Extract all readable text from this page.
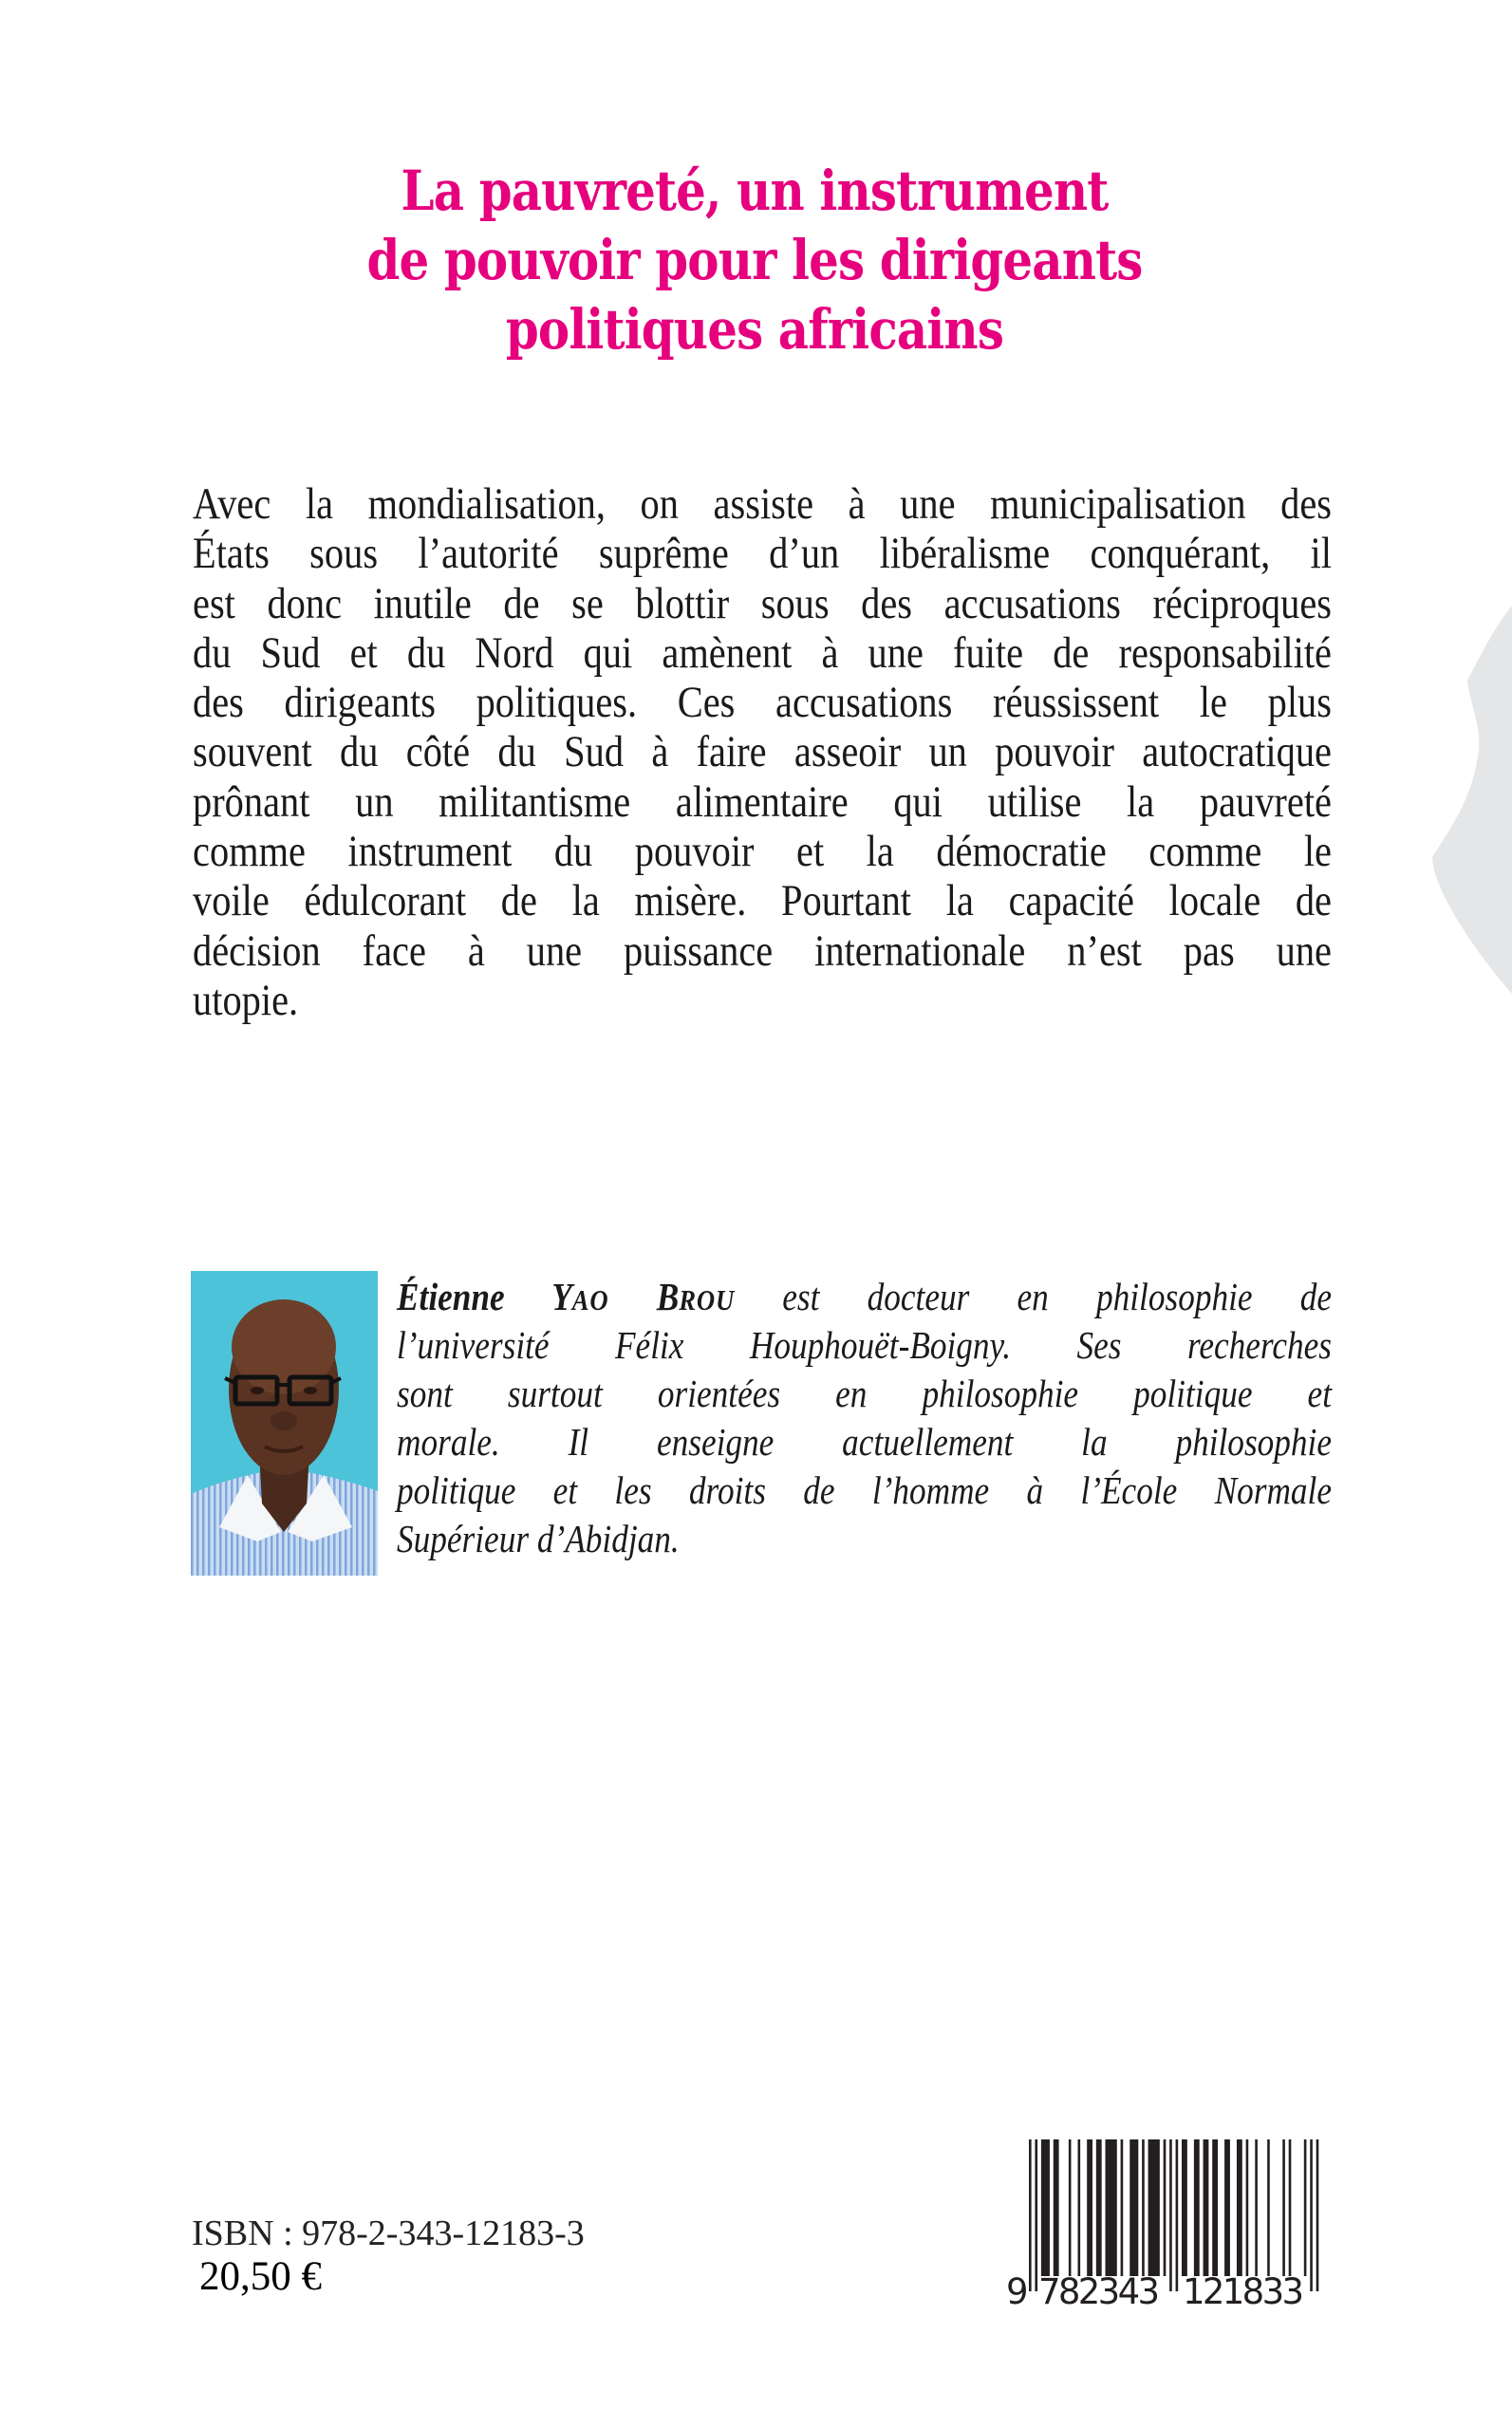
La pauvreté, un instrument
de pouvoir pour les dirigeants
politiques africains
Avec la mondialisation, on assiste à une municipalisation des
États sous l’autorité suprême d’un libéralisme conquérant, il
est donc inutile de se blottir sous des accusations réciproques
du Sud et du Nord qui amènent à une fuite de responsabilité
des dirigeants politiques. Ces accusations réussissent le plus
souvent du côté du Sud à faire asseoir un pouvoir autocratique
prônant un militantisme alimentaire qui utilise la pauvreté
comme instrument du pouvoir et la démocratie comme le
voile édulcorant de la misère. Pourtant la capacité locale de
décision face à une puissance internationale n’est pas une
utopie.
Étienne YAO BROU est docteur en philosophie de
l’université Félix Houphouët-Boigny. Ses recherches
sont surtout orientées en philosophie politique et
morale. Il enseigne actuellement la philosophie
politique et les droits de l’homme à l’École Normale
Supérieur d’Abidjan.
ISBN : 978-2-343-12183-3
20,50 €	9 782343 121833
